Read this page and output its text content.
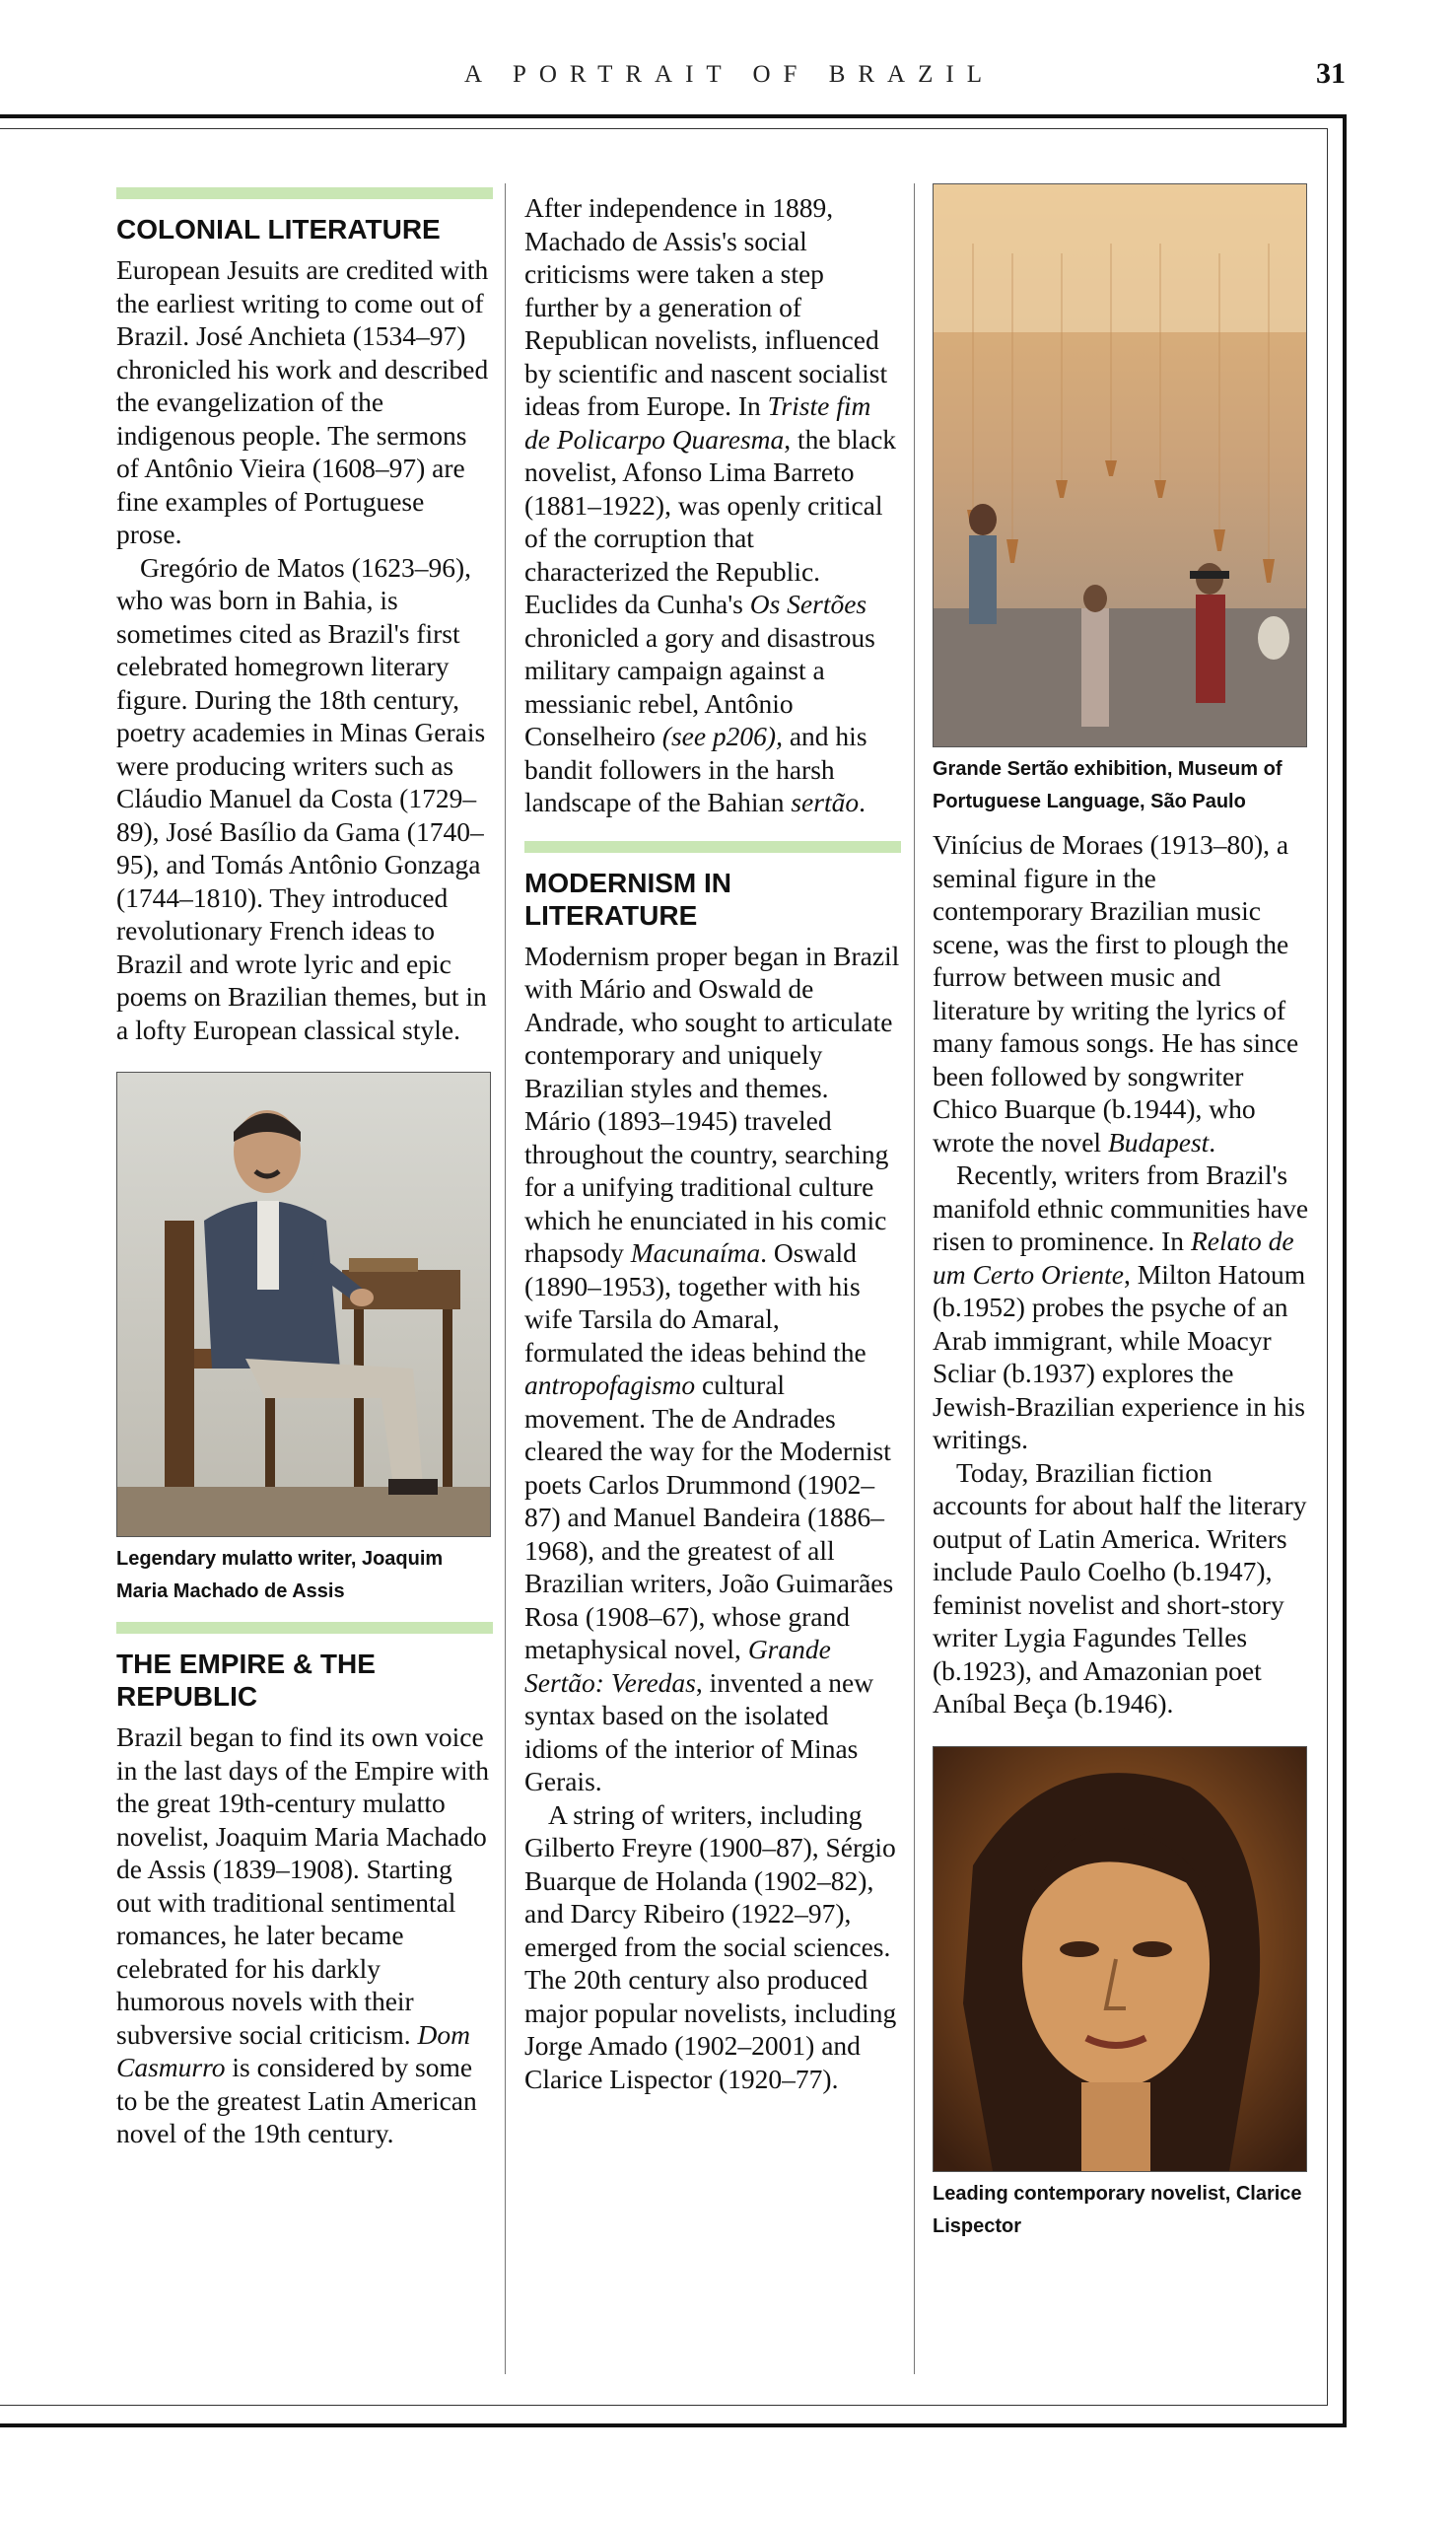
A PORTRAIT OF BRAZIL	31
COLONIAL LITERATURE

European Jesuits are credited with the earliest writing to come out of Brazil. José Anchieta (1534–97) chronicled his work and described the evangelization of the indigenous people. The sermons of Antônio Vieira (1608–97) are fine examples of Portuguese prose.

Gregório de Matos (1623–96), who was born in Bahia, is sometimes cited as Brazil's first celebrated homegrown literary figure. During the 18th century, poetry academies in Minas Gerais were producing writers such as Cláudio Manuel da Costa (1729–89), José Basílio da Gama (1740–95), and Tomás Antônio Gonzaga (1744–1810). They introduced revolutionary French ideas to Brazil and wrote lyric and epic poems on Brazilian themes, but in a lofty European classical style.

Legendary mulatto writer, Joaquim Maria Machado de Assis
THE EMPIRE & THE REPUBLIC

Brazil began to find its own voice in the last days of the Empire with the great 19th-century mulatto novelist, Joaquim Maria Machado de Assis (1839–1908). Starting out with traditional sentimental romances, he later became celebrated for his darkly humorous novels with their subversive social criticism. Dom Casmurro is considered by some to be the greatest Latin American novel of the 19th century.

After independence in 1889, Machado de Assis's social criticisms were taken a step further by a generation of Republican novelists, influenced by scientific and nascent socialist ideas from Europe. In Triste fim de Policarpo Quaresma, the black novelist, Afonso Lima Barreto (1881–1922), was openly critical of the corruption that characterized the Republic. Euclides da Cunha's Os Sertões chronicled a gory and disastrous military campaign against a messianic rebel, Antônio Conselheiro (see p206), and his bandit followers in the harsh landscape of the Bahian sertão.

MODERNISM IN LITERATURE

Modernism proper began in Brazil with Mário and Oswald de Andrade, who sought to articulate contemporary and uniquely Brazilian styles and themes. Mário (1893–1945) traveled throughout the country, searching for a unifying traditional culture which he enunciated in his comic rhapsody Macunaíma. Oswald (1890–1953), together with his wife Tarsila do Amaral, formulated the ideas behind the antropofagismo cultural movement. The de Andrades cleared the way for the Modernist poets Carlos Drummond (1902–87) and Manuel Bandeira (1886–1968), and the greatest of all Brazilian writers, João Guimarães Rosa (1908–67), whose grand metaphysical novel, Grande Sertão: Veredas, invented a new syntax based on the isolated idioms of the interior of Minas Gerais.

A string of writers, including Gilberto Freyre (1900–87), Sérgio Buarque de Holanda (1902–82), and Darcy Ribeiro (1922–97), emerged from the social sciences. The 20th century also produced major popular novelists, including Jorge Amado (1902–2001) and Clarice Lispector (1920–77).

Grande Sertão exhibition, Museum of Portuguese Language, São Paulo

Vinícius de Moraes (1913–80), a seminal figure in the contemporary Brazilian music scene, was the first to plough the furrow between music and literature by writing the lyrics of many famous songs. He has since been followed by songwriter Chico Buarque (b.1944), who wrote the novel Budapest.

Recently, writers from Brazil's manifold ethnic communities have risen to prominence. In Relato de um Certo Oriente, Milton Hatoum (b.1952) probes the psyche of an Arab immigrant, while Moacyr Scliar (b.1937) explores the Jewish-Brazilian experience in his writings.

Today, Brazilian fiction accounts for about half the literary output of Latin America. Writers include Paulo Coelho (b.1947), feminist novelist and short-story writer Lygia Fagundes Telles (b.1923), and Amazonian poet Aníbal Beça (b.1946).

Leading contemporary novelist, Clarice Lispector
